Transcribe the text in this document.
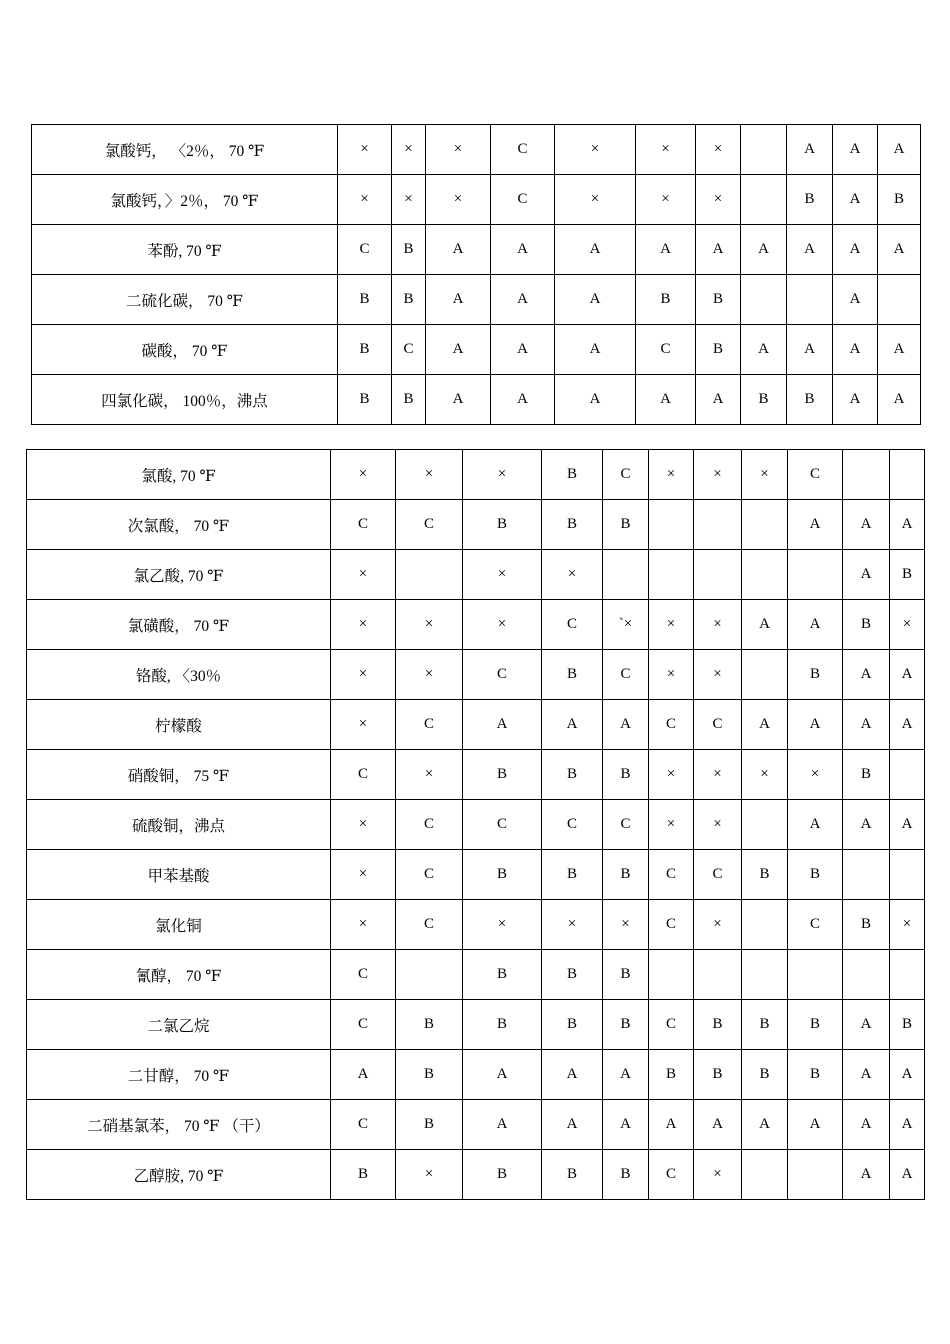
氯酸钙， 〈2％， 70 ℉	×	×	×	C	×	×	×		A	A	A
氯酸钙，〉2％， 70 ℉	×	×	×	C	×	×	×		B	A	B
苯酚, 70 ℉	C	B	A	A	A	A	A	A	A	A	A
二硫化碳， 70 ℉	B	B	A	A	A	B	B			A	
碳酸， 70 ℉	B	C	A	A	A	C	B	A	A	A	A
四氯化碳， 100％，沸点	B	B	A	A	A	A	A	B	B	A	A
氯酸, 70 ℉	×	×	×	B	C	×	×	×	C		
次氯酸， 70 ℉	C	C	B	B	B				A	A	A
氯乙酸, 70 ℉	×		×	×						A	B
氯磺酸， 70 ℉	×	×	×	C	`×	×	×	A	A	B	×
铬酸, 〈30％	×	×	C	B	C	×	×		B	A	A
柠檬酸	×	C	A	A	A	C	C	A	A	A	A
硝酸铜， 75 ℉	C	×	B	B	B	×	×	×	×	B	
硫酸铜，沸点	×	C	C	C	C	×	×		A	A	A
甲苯基酸	×	C	B	B	B	C	C	B	B		
氯化铜	×	C	×	×	×	C	×		C	B	×
氰醇， 70 ℉	C		B	B	B						
二氯乙烷	C	B	B	B	B	C	B	B	B	A	B
二甘醇， 70 ℉	A	B	A	A	A	B	B	B	B	A	A
二硝基氯苯， 70 ℉ （干）	C	B	A	A	A	A	A	A	A	A	A
乙醇胺, 70 ℉	B	×	B	B	B	C	×			A	A
